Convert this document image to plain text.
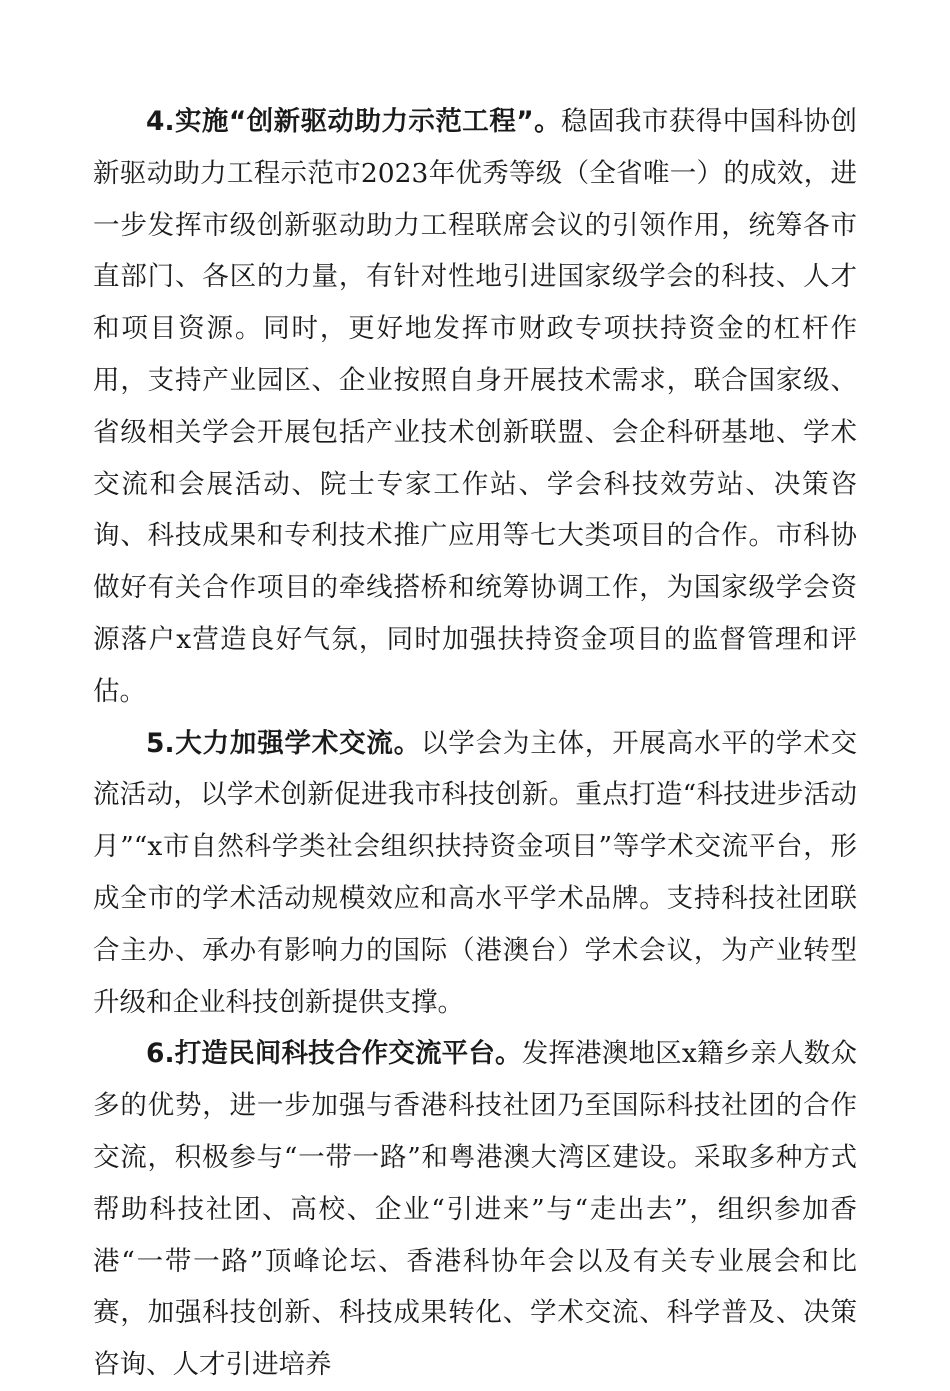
4.实施“创新驱动助力示范工程”。稳固我市获得中国科协创新驱动助力工程示范市2023年优秀等级（全省唯一）的成效，进一步发挥市级创新驱动助力工程联席会议的引领作用，统筹各市直部门、各区的力量，有针对性地引进国家级学会的科技、人才和项目资源。同时，更好地发挥市财政专项扶持资金的杠杆作用，支持产业园区、企业按照自身开展技术需求，联合国家级、省级相关学会开展包括产业技术创新联盟、会企科研基地、学术交流和会展活动、院士专家工作站、学会科技效劳站、决策咨询、科技成果和专利技术推广应用等七大类项目的合作。市科协做好有关合作项目的牵线搭桥和统筹协调工作，为国家级学会资源落户x营造良好气氛，同时加强扶持资金项目的监督管理和评估。

5.大力加强学术交流。以学会为主体，开展高水平的学术交流活动，以学术创新促进我市科技创新。重点打造“科技进步活动月”“x市自然科学类社会组织扶持资金项目”等学术交流平台，形成全市的学术活动规模效应和高水平学术品牌。支持科技社团联合主办、承办有影响力的国际（港澳台）学术会议，为产业转型升级和企业科技创新提供支撑。

6.打造民间科技合作交流平台。发挥港澳地区x籍乡亲人数众多的优势，进一步加强与香港科技社团乃至国际科技社团的合作交流，积极参与“一带一路”和粤港澳大湾区建设。采取多种方式帮助科技社团、高校、企业“引进来”与“走出去”，组织参加香港“一带一路”顶峰论坛、香港科协年会以及有关专业展会和比赛，加强科技创新、科技成果转化、学术交流、科学普及、决策咨询、人才引进培养
